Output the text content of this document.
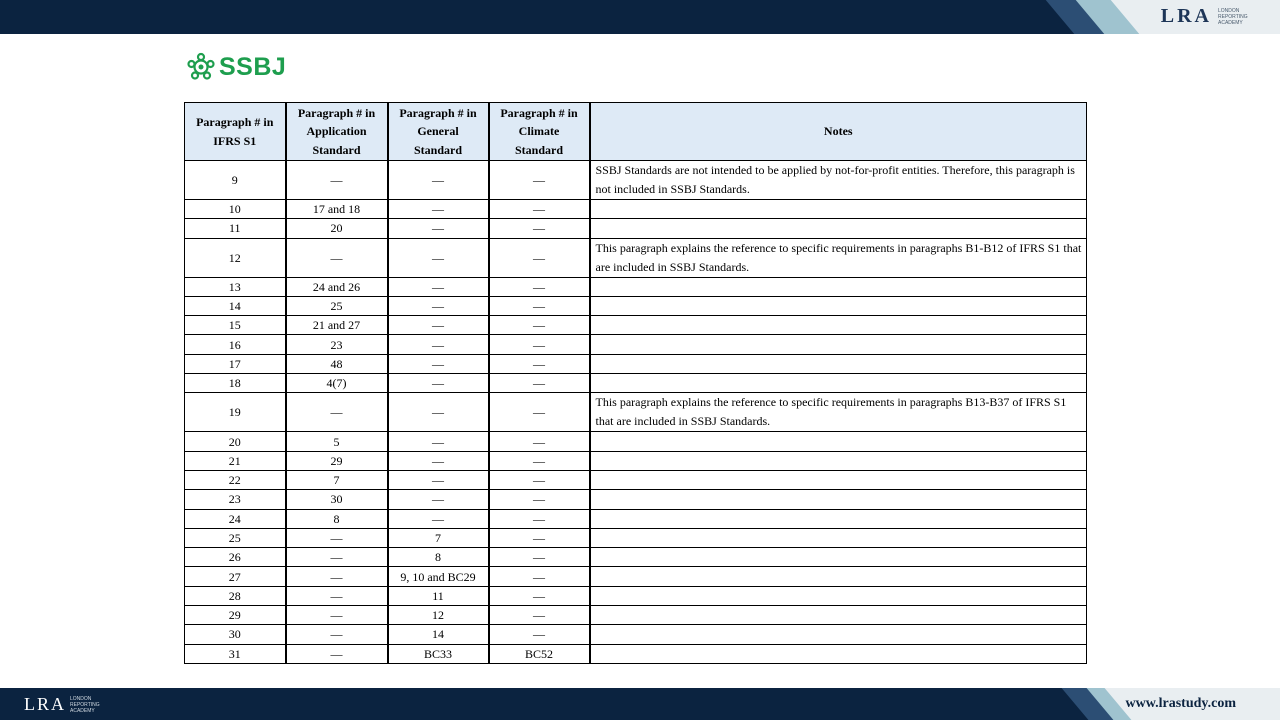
LRA LONDON REPORTING ACADEMY
SSBJ
Paragraph # in IFRS S1	Paragraph # in Application Standard	Paragraph # in General Standard	Paragraph # in Climate Standard	Notes
9	—	—	—	SSBJ Standards are not intended to be applied by not-for-profit entities. Therefore, this paragraph is not included in SSBJ Standards.
10	17 and 18	—	—	
11	20	—	—	
12	—	—	—	This paragraph explains the reference to specific requirements in paragraphs B1-B12 of IFRS S1 that are included in SSBJ Standards.
13	24 and 26	—	—	
14	25	—	—	
15	21 and 27	—	—	
16	23	—	—	
17	48	—	—	
18	4(7)	—	—	
19	—	—	—	This paragraph explains the reference to specific requirements in paragraphs B13-B37 of IFRS S1 that are included in SSBJ Standards.
20	5	—	—	
21	29	—	—	
22	7	—	—	
23	30	—	—	
24	8	—	—	
25	—	7	—	
26	—	8	—	
27	—	9, 10 and BC29	—	
28	—	11	—	
29	—	12	—	
30	—	14	—	
31	—	BC33	BC52	
LRA LONDON REPORTING ACADEMY	www.lrastudy.com
